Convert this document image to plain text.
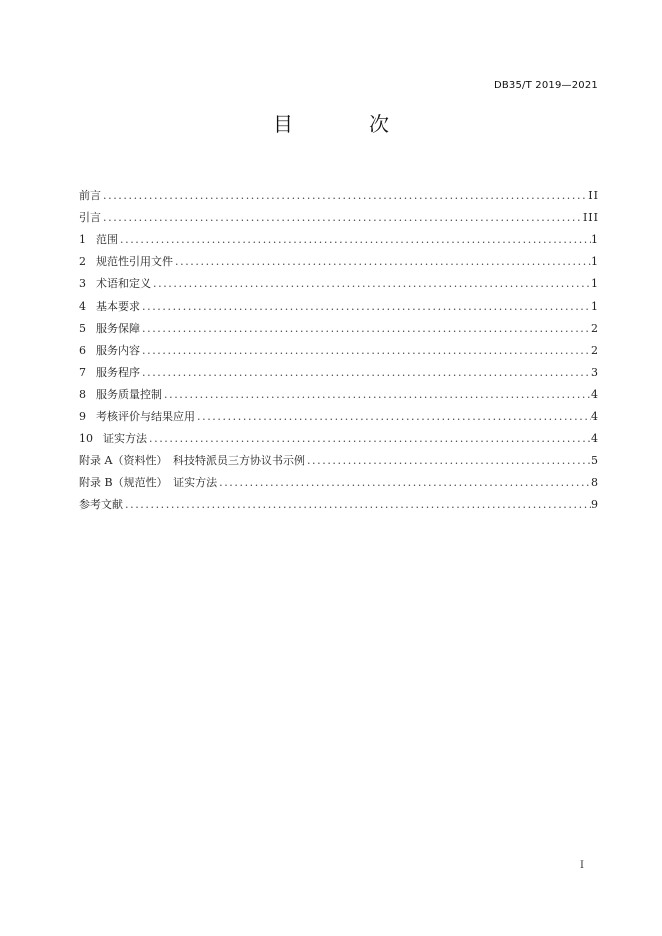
DB35/T 2019—2021
目　次
前言 .....	II
引言 .....	III
1 范围 .....	1
2 规范性引用文件 .....	1
3 术语和定义 .....	1
4 基本要求 .....	1
5 服务保障 .....	2
6 服务内容 .....	2
7 服务程序 .....	3
8 服务质量控制 .....	4
9 考核评价与结果应用 .....	4
10 证实方法 .....	4
附录 A（资料性）　科技特派员三方协议书示例 .....	5
附录 B（规范性）　证实方法 .....	8
参考文献 .....	9
I
